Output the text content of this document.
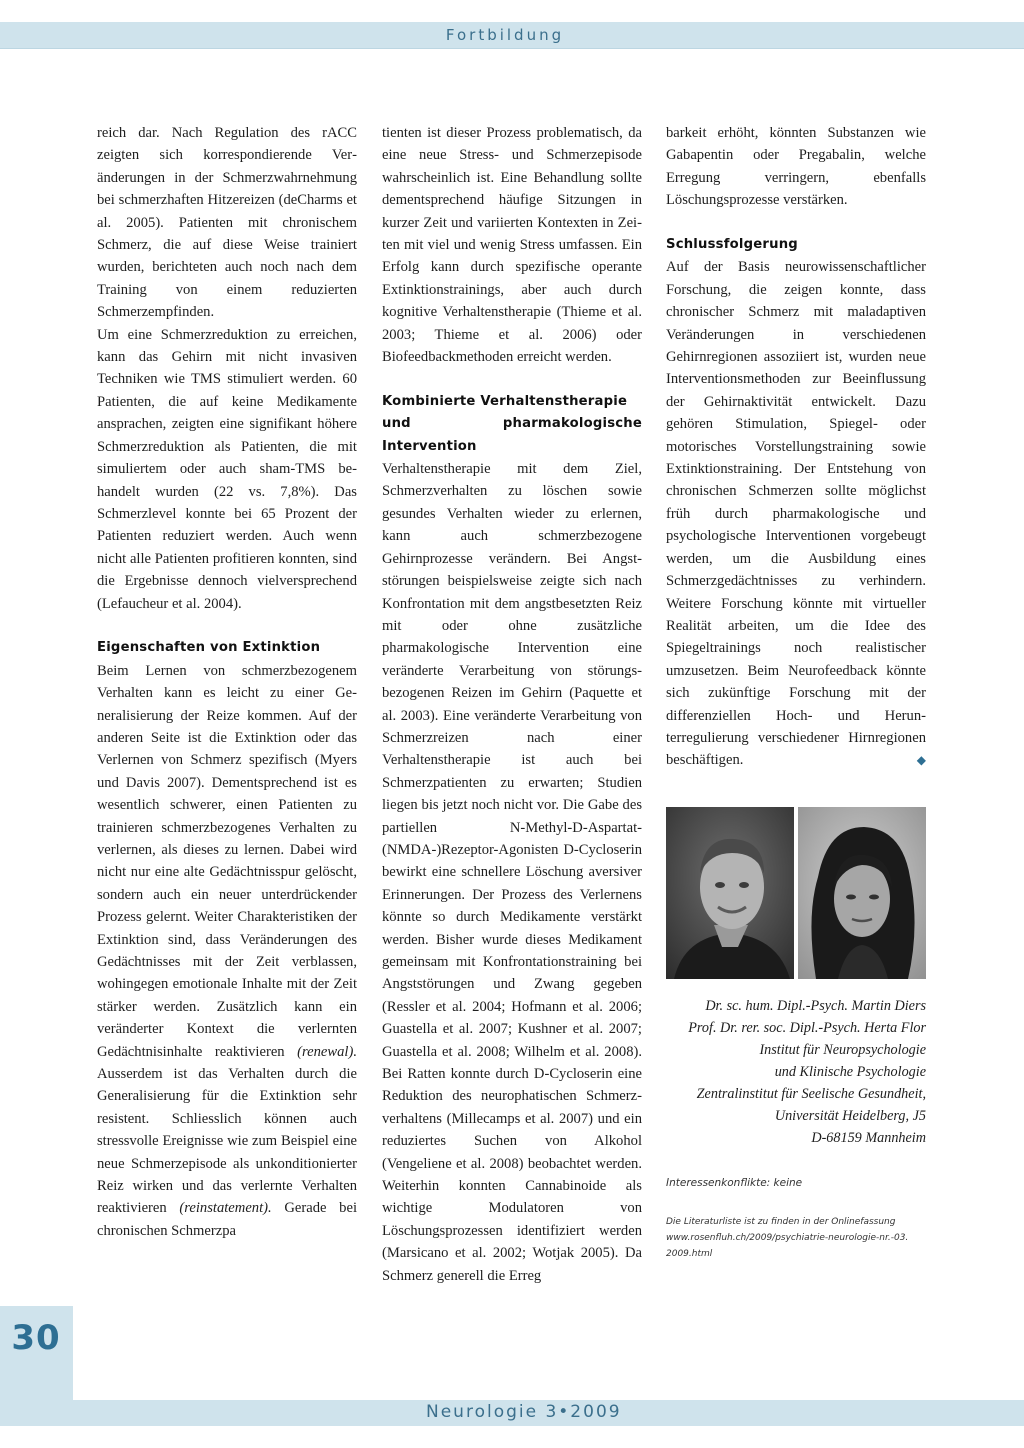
Fortbildung

reich dar. Nach Regulation des rACC zeigten sich korrespondierende Veränderungen in der Schmerzwahrnehmung bei schmerzhaften Hitzereizen (deCharms et al. 2005). Patienten mit chronischem Schmerz, die auf diese Weise trainiert wurden, berichteten auch noch nach dem Training von einem reduzierten Schmerzempfinden.

Um eine Schmerzreduktion zu erreichen, kann das Gehirn mit nicht invasiven Techniken wie TMS stimuliert werden. 60 Patienten, die auf keine Medikamente ansprachen, zeigten eine signifikant höhere Schmerzreduktion als Patienten, die mit simuliertem oder auch sham-TMS behandelt wurden (22 vs. 7,8%). Das Schmerzlevel konnte bei 65 Prozent der Patienten reduziert werden. Auch wenn nicht alle Patienten profitieren konnten, sind die Ergebnisse dennoch vielversprechend (Lefaucheur et al. 2004).

Eigenschaften von Extinktion

Beim Lernen von schmerzbezogenem Verhalten kann es leicht zu einer Generalisierung der Reize kommen. Auf der anderen Seite ist die Extinktion oder das Verlernen von Schmerz spezifisch (Myers und Davis 2007). Dementsprechend ist es wesentlich schwerer, einen Patienten zu trainieren schmerzbezogenes Verhalten zu verlernen, als dieses zu lernen. Dabei wird nicht nur eine alte Gedächtnisspur gelöscht, sondern auch ein neuer unterdrückender Prozess gelernt. Weiter Charakteristiken der Extinktion sind, dass Veränderungen des Gedächtnisses mit der Zeit verblassen, wohingegen emotionale Inhalte mit der Zeit stärker werden. Zusätzlich kann ein veränderter Kontext die verlernten Gedächtnisinhalte reaktivieren (renewal). Ausserdem ist das Verhalten durch die Generalisierung für die Extinktion sehr resistent. Schliesslich können auch stressvolle Ereignisse wie zum Beispiel eine neue Schmerzepisode als unkonditionierter Reiz wirken und das verlernte Verhalten reaktivieren (reinstatement). Gerade bei chronischen Schmerzpa

tienten ist dieser Prozess problematisch, da eine neue Stress- und Schmerzepisode wahrscheinlich ist. Eine Behandlung sollte dementsprechend häufige Sitzungen in kurzer Zeit und variierten Kontexten in Zeiten mit viel und wenig Stress umfassen. Ein Erfolg kann durch spezifische operante Extinktionstrainings, aber auch durch kognitive Verhaltenstherapie (Thieme et al. 2003; Thieme et al. 2006) oder Biofeedbackmethoden erreicht werden.

Kombinierte Verhaltenstherapie
und pharmakologische Intervention

Verhaltenstherapie mit dem Ziel, Schmerzverhalten zu löschen sowie gesundes Verhalten wieder zu erlernen, kann auch schmerzbezogene Gehirnprozesse verändern. Bei Angststörungen beispielsweise zeigte sich nach Konfrontation mit dem angstbesetzten Reiz mit oder ohne zusätzliche pharmakologische Intervention eine veränderte Verarbeitung von störungsbezogenen Reizen im Gehirn (Paquette et al. 2003). Eine veränderte Verarbeitung von Schmerzreizen nach einer Verhaltenstherapie ist auch bei Schmerzpatienten zu erwarten; Studien liegen bis jetzt noch nicht vor. Die Gabe des partiellen N-Methyl-D-Aspartat-(NMDA-)Rezeptor-Agonisten D-Cycloserin bewirkt eine schnellere Löschung aversiver Erinnerungen. Der Prozess des Verlernens könnte so durch Medikamente verstärkt werden. Bisher wurde dieses Medikament gemeinsam mit Konfrontationstraining bei Angststörungen und Zwang gegeben (Ressler et al. 2004; Hofmann et al. 2006; Guastella et al. 2007; Kushner et al. 2007; Guastella et al. 2008; Wilhelm et al. 2008). Bei Ratten konnte durch D-Cycloserin eine Reduktion des neurophatischen Schmerzverhaltens (Millecamps et al. 2007) und ein reduziertes Suchen von Alkohol (Vengeliene et al. 2008) beobachtet werden. Weiterhin konnten Cannabinoide als wichtige Modulatoren von Löschungsprozessen identifiziert werden (Marsicano et al. 2002; Wotjak 2005). Da Schmerz generell die Erreg

barkeit erhöht, könnten Substanzen wie Gabapentin oder Pregabalin, welche Erregung verringern, ebenfalls Löschungsprozesse verstärken.

Schlussfolgerung

Auf der Basis neurowissenschaftlicher Forschung, die zeigen konnte, dass chronischer Schmerz mit maladaptiven Veränderungen in verschiedenen Gehirnregionen assoziiert ist, wurden neue Interventionsmethoden zur Beeinflussung der Gehirnaktivität entwickelt. Dazu gehören Stimulation, Spiegel- oder motorisches Vorstellungstraining sowie Extinktionstraining. Der Entstehung von chronischen Schmerzen sollte möglichst früh durch pharmakologische und psychologische Interventionen vorgebeugt werden, um die Ausbildung eines Schmerzgedächtnisses zu verhindern. Weitere Forschung könnte mit virtueller Realität arbeiten, um die Idee des Spiegeltrainings noch realistischer umzusetzen. Beim Neurofeedback könnte sich zukünftige Forschung mit der differenziellen Hoch- und Herunterregulierung verschiedener Hirnregionen beschäftigen.	◆

Dr. sc. hum. Dipl.-Psych. Martin Diers
Prof. Dr. rer. soc. Dipl.-Psych. Herta Flor
Institut für Neuropsychologie
und Klinische Psychologie
Zentralinstitut für Seelische Gesundheit,
Universität Heidelberg, J5
D-68159 Mannheim
Interessenkonflikte: keine
Die Literaturliste ist zu finden in der Onlinefassung
www.rosenfluh.ch/2009/psychiatrie-neurologie-nr.-03.
2009.html
30
Neurologie 3•2009
